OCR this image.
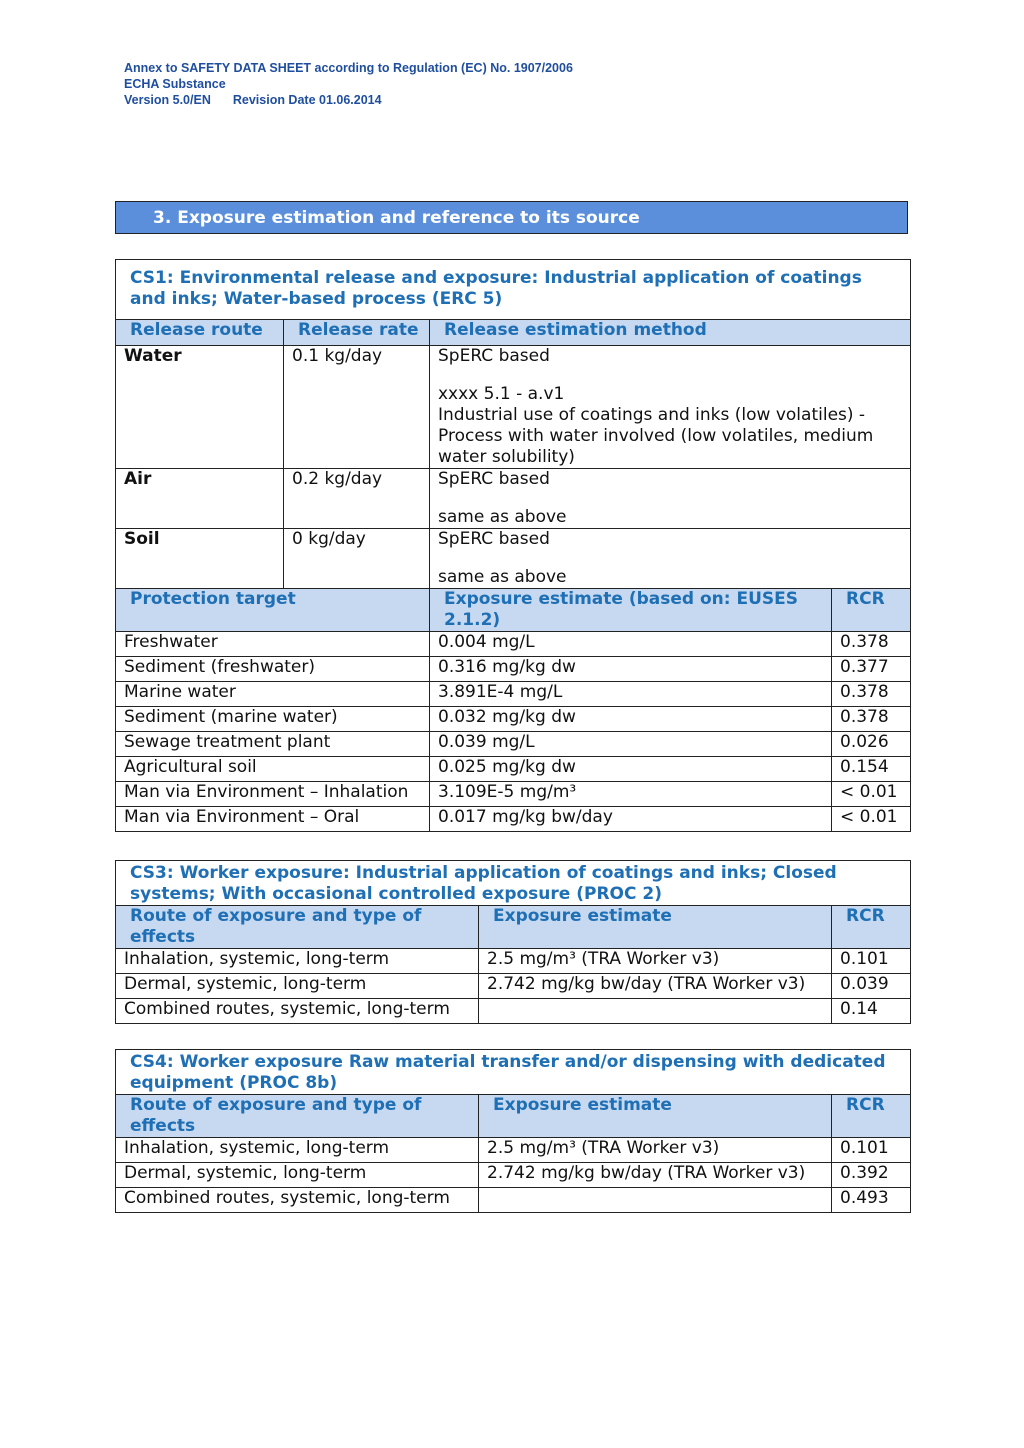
Annex to SAFETY DATA SHEET according to Regulation (EC) No. 1907/2006
ECHA Substance
Version 5.0/EN Revision Date 01.06.2014
3. Exposure estimation and reference to its source
CS1: Environmental release and exposure: Industrial application of coatings and inks; Water-based process (ERC 5)			
Release route	Release rate	Release estimation method	
Water	0.1 kg/day	SpERC based
xxxx 5.1 - a.v1
Industrial use of coatings and inks (low volatiles) - Process with water involved (low volatiles, medium water solubility)	

Air	0.2 kg/day	SpERC based
same as above	

Soil	0 kg/day	SpERC based
same as above	

Protection target		Exposure estimate (based on: EUSES 2.1.2)	RCR
Freshwater		0.004 mg/L	0.378
Sediment (freshwater)		0.316 mg/kg dw	0.377
Marine water		3.891E-4 mg/L	0.378
Sediment (marine water)		0.032 mg/kg dw	0.378
Sewage treatment plant		0.039 mg/L	0.026
Agricultural soil		0.025 mg/kg dw	0.154
Man via Environment – Inhalation		3.109E-5 mg/m³	< 0.01
Man via Environment – Oral		0.017 mg/kg bw/day	< 0.01
CS3: Worker exposure: Industrial application of coatings and inks; Closed systems; With occasional controlled exposure (PROC 2)		
Route of exposure and type of effects	Exposure estimate	RCR
Inhalation, systemic, long-term	2.5 mg/m³ (TRA Worker v3)	0.101
Dermal, systemic, long-term	2.742 mg/kg bw/day (TRA Worker v3)	0.039
Combined routes, systemic, long-term		0.14
CS4: Worker exposure Raw material transfer and/or dispensing with dedicated equipment (PROC 8b)		
Route of exposure and type of effects	Exposure estimate	RCR
Inhalation, systemic, long-term	2.5 mg/m³ (TRA Worker v3)	0.101
Dermal, systemic, long-term	2.742 mg/kg bw/day (TRA Worker v3)	0.392
Combined routes, systemic, long-term		0.493
